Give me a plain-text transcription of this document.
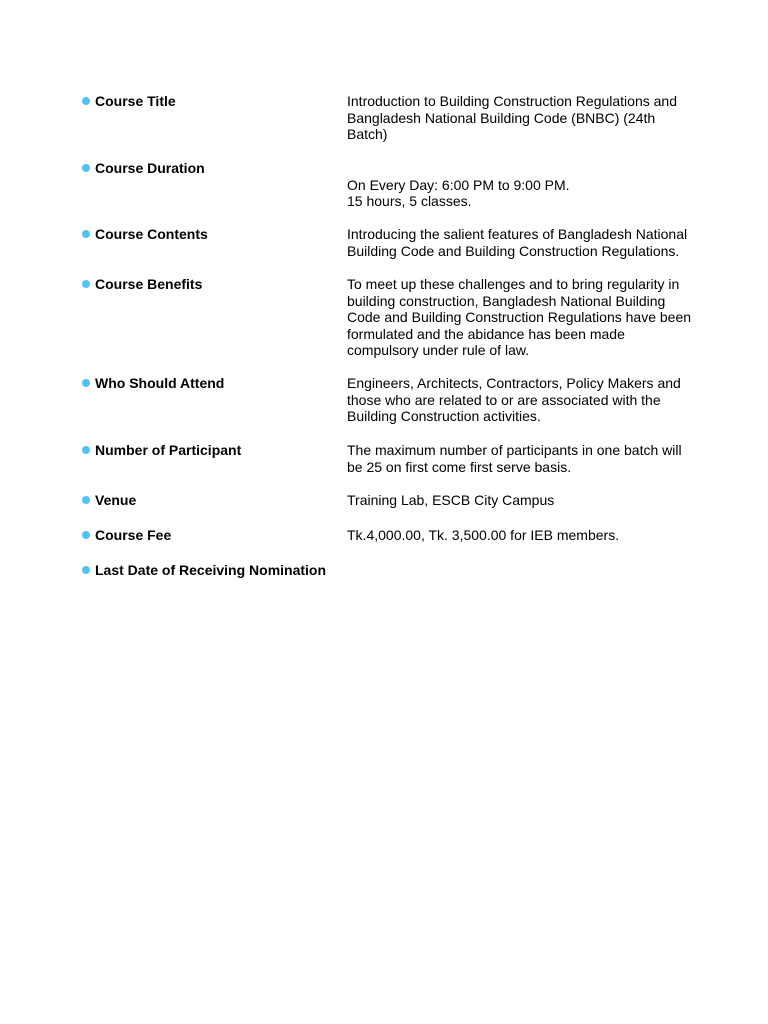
Course Title	Introduction to Building Construction Regulations and
Bangladesh National Building Code (BNBC) (24th
Batch)
Course Duration
On Every Day: 6:00 PM to 9:00 PM.
15 hours, 5 classes.
Course Contents	Introducing the salient features of Bangladesh National
Building Code and Building Construction Regulations.
Course Benefits	To meet up these challenges and to bring regularity in
building construction, Bangladesh National Building
Code and Building Construction Regulations have been
formulated and the abidance has been made
compulsory under rule of law.
Who Should Attend	Engineers, Architects, Contractors, Policy Makers and
those who are related to or are associated with the
Building Construction activities.
Number of Participant	The maximum number of participants in one batch will
be 25 on first come first serve basis.
Venue	Training Lab, ESCB City Campus
Course Fee	Tk.4,000.00, Tk. 3,500.00 for IEB members.
Last Date of Receiving Nomination
